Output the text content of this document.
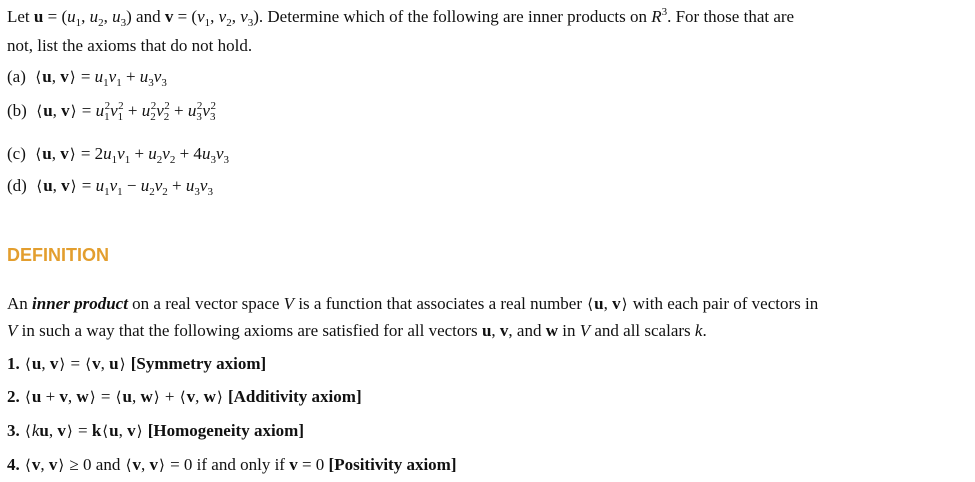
Let $u = (u_1$, $u_2$, $u_3$) and $v = (v_1$, $v_2$, $v_3$). Determine which of the following are inner products on $R^3$. For those that are
not, list the axioms that do not hold.
(a) ⟨u, v⟩ = $u_1v_1 + u_3v_3$
(b) ⟨u, v⟩ = $u_1^2v_1^2 + u_2^2v_2^2 + u_3^2v_3^2$
(c) ⟨u, v⟩ = $2u_1v_1 + u_2v_2 + 4u_3v_3$
(d) ⟨u, v⟩ = $u_1v_1 - u_2v_2 + u_3v_3$
DEFINITION
An inner product on a real vector space V is a function that associates a real number ⟨u, v⟩ with each pair of vectors in
V in such a way that the following axioms are satisfied for all vectors u, v, and w in V and all scalars k.
1. ⟨u, v⟩ = ⟨v, u⟩ [Symmetry axiom]
2. ⟨u + v, w⟩ = ⟨u, w⟩ + ⟨v, w⟩ [Additivity axiom]
3. ⟨ku, v⟩ = k⟨u, v⟩ [Homogeneity axiom]
4. ⟨v, v⟩ ≥ 0 and ⟨v, v⟩ = 0 if and only if v = 0 [Positivity axiom]
